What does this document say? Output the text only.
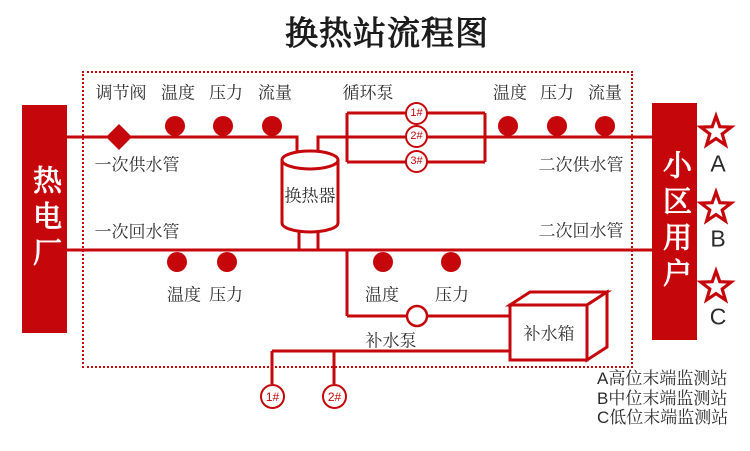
换热站流程图
热电厂	小区用户
调节阀 温度 压力 流量	循环泵	温度 压力 流量
一次供水管
一次回水管
二次供水管
二次回水管
温度 压力	温度 压力
换热器
补水泵	补水箱
1#
2#
3#
1#	2#
A
B
C
A高位末端监测站
B中位末端监测站
C低位末端监测站
